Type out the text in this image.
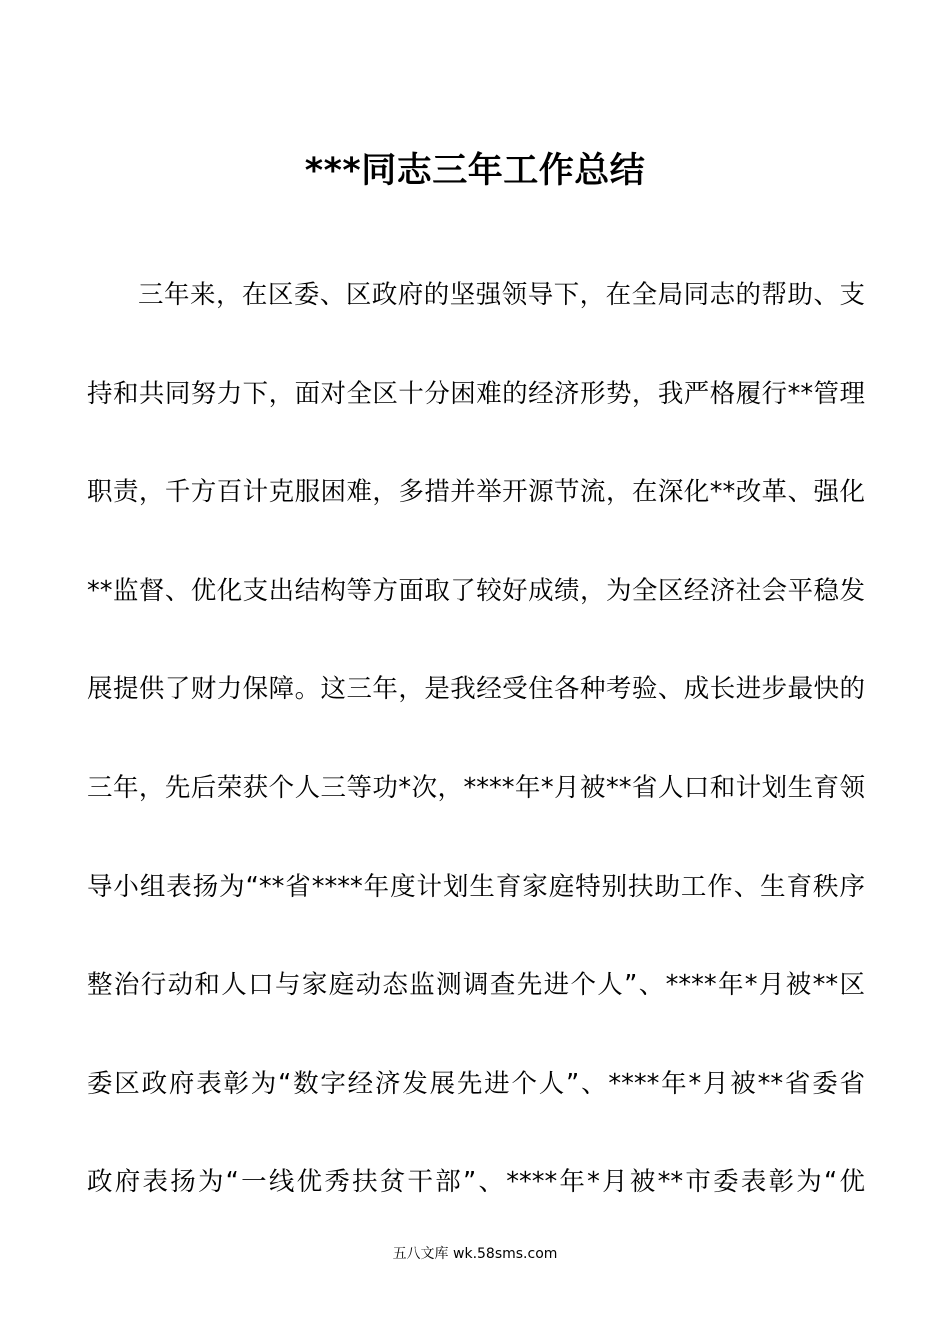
***同志三年工作总结
三年来，在区委、区政府的坚强领导下，在全局同志的帮助、支
持和共同努力下，面对全区十分困难的经济形势，我严格履行**管理
职责，千方百计克服困难，多措并举开源节流，在深化**改革、强化
**监督、优化支出结构等方面取了较好成绩，为全区经济社会平稳发
展提供了财力保障。这三年，是我经受住各种考验、成长进步最快的
三年，先后荣获个人三等功*次，****年*月被**省人口和计划生育领
导小组表扬为“**省****年度计划生育家庭特别扶助工作、生育秩序
整治行动和人口与家庭动态监测调查先进个人”、****年*月被**区
委区政府表彰为“数字经济发展先进个人”、****年*月被**省委省
政府表扬为“一线优秀扶贫干部”、****年*月被**市委表彰为“优
五八文库 wk.58sms.com
